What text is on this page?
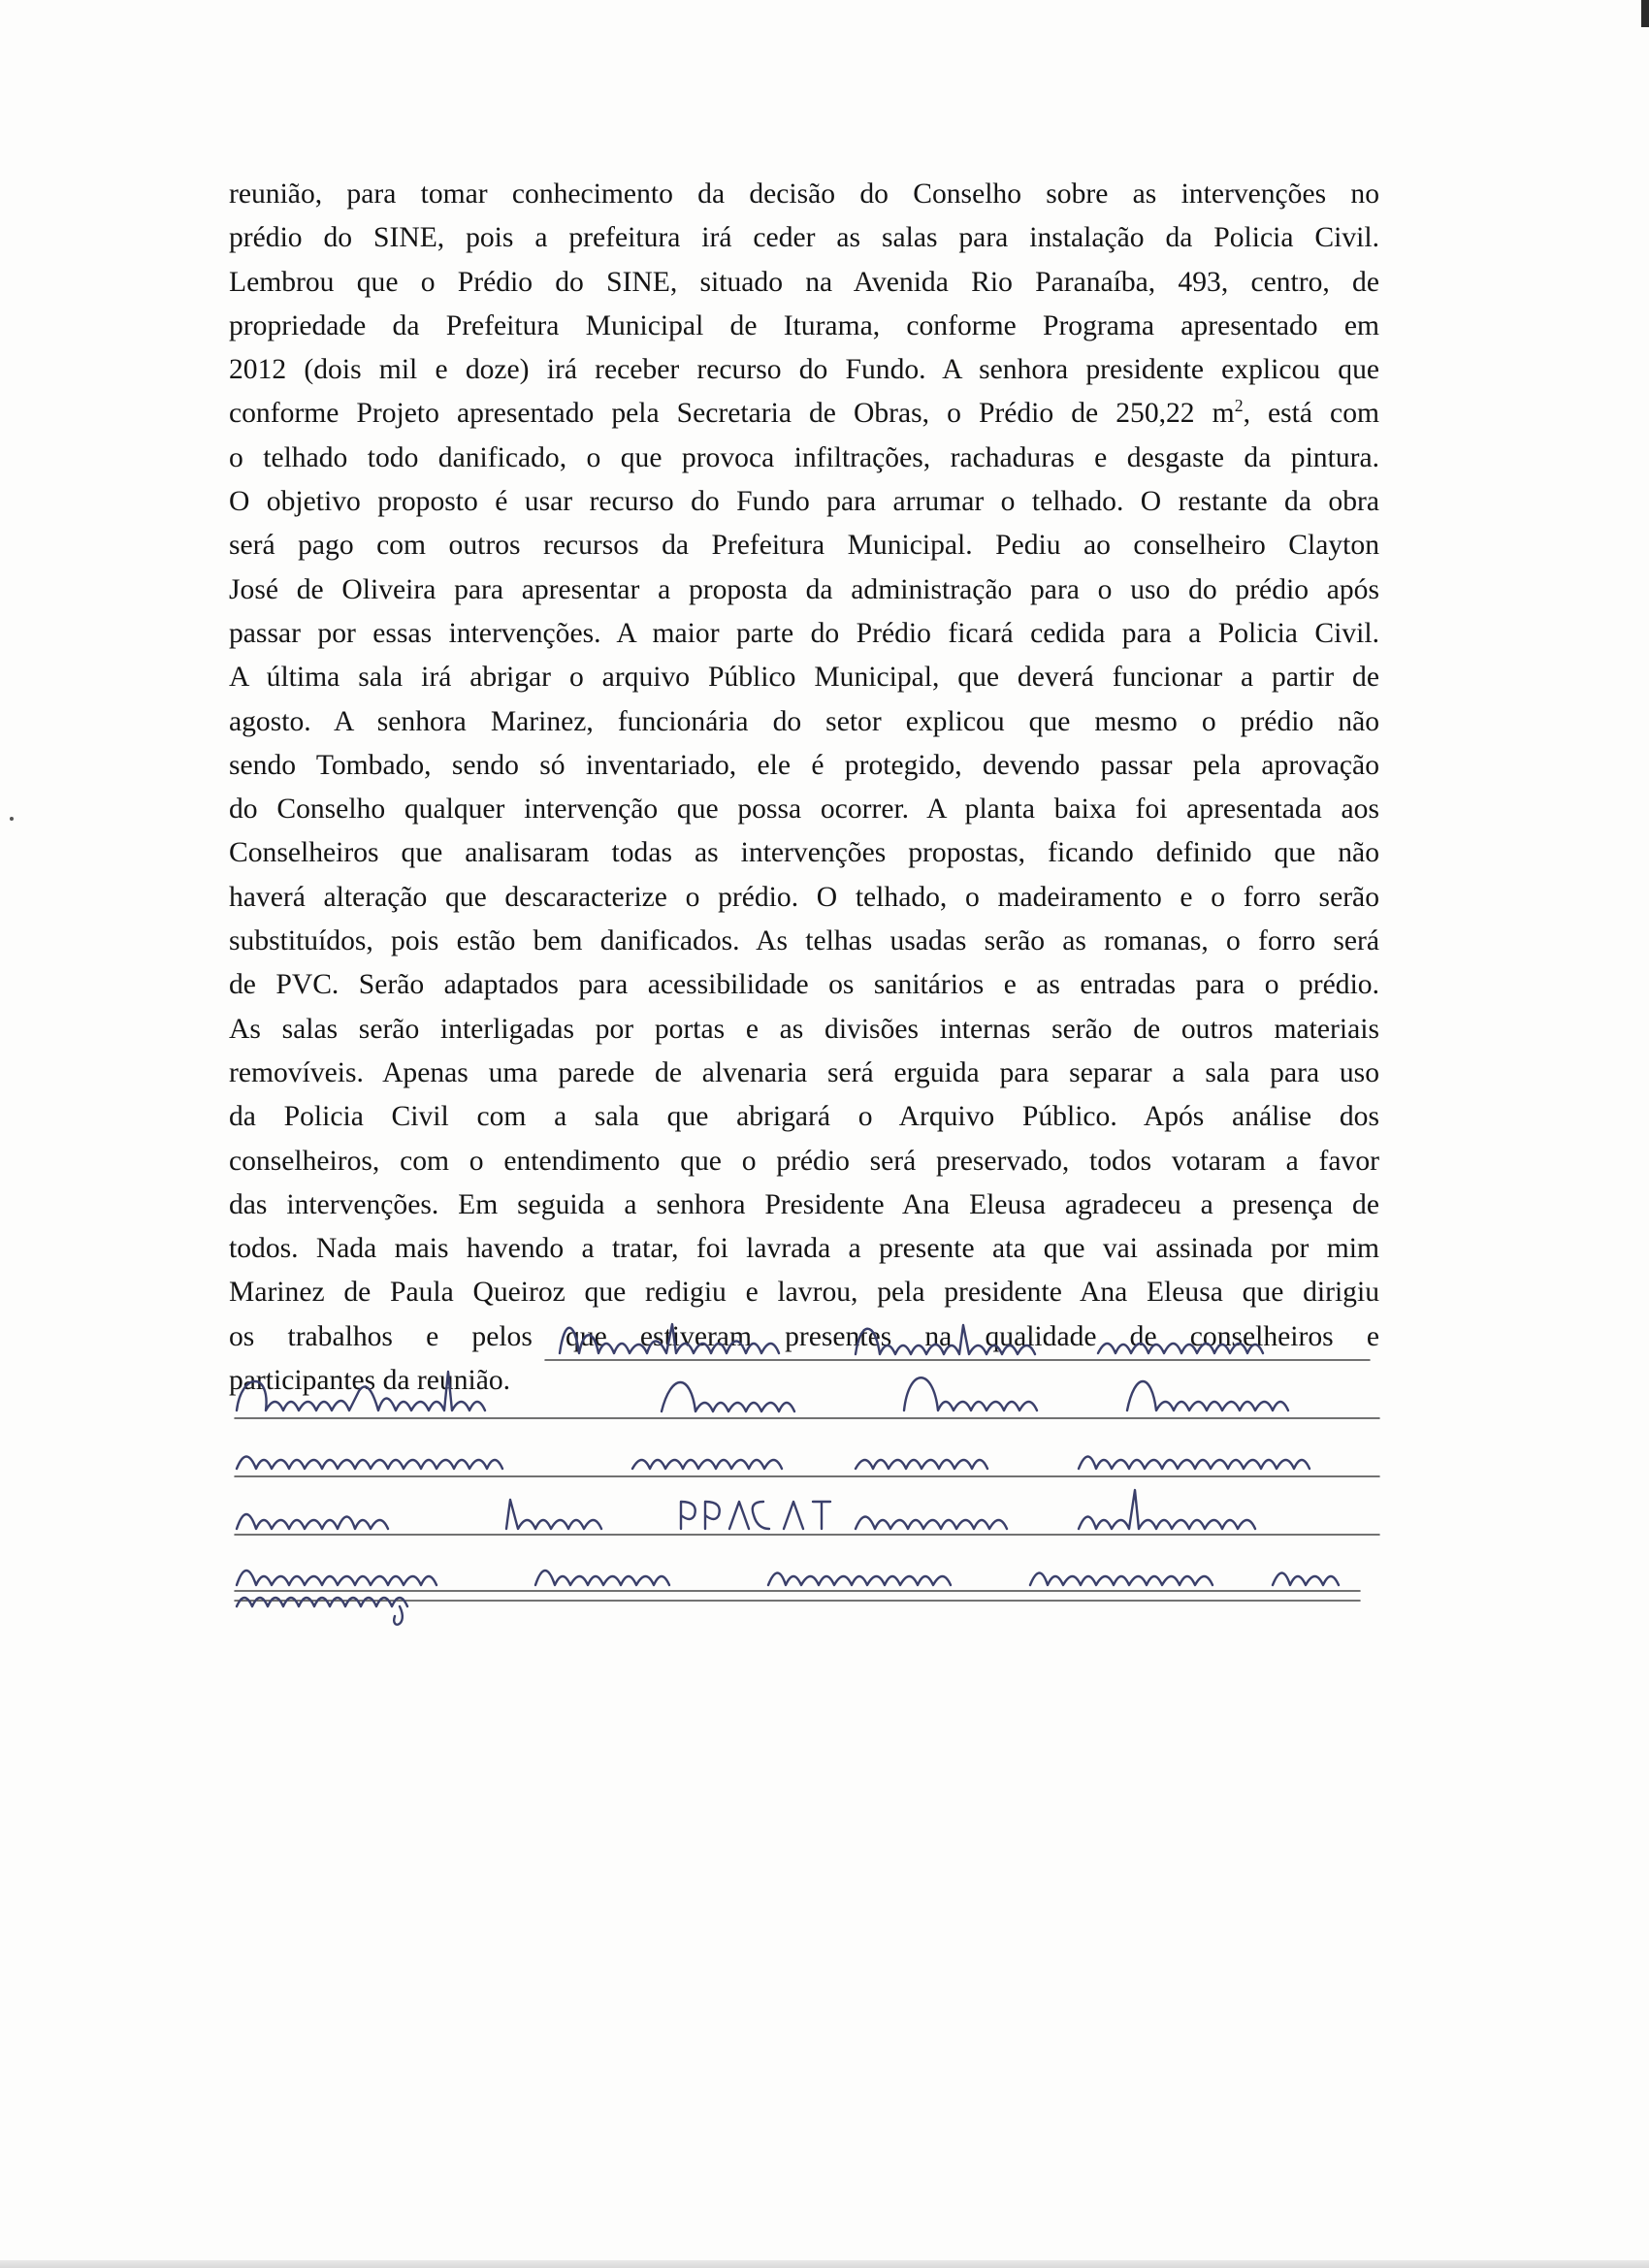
reunião, para tomar conhecimento da decisão do Conselho sobre as intervenções no
prédio do SINE, pois a prefeitura irá ceder as salas para instalação da Policia Civil.
Lembrou que o Prédio do SINE, situado na Avenida Rio Paranaíba, 493, centro, de
propriedade da Prefeitura Municipal de Iturama, conforme Programa apresentado em
2012 (dois mil e doze) irá receber recurso do Fundo. A senhora presidente explicou que
conforme Projeto apresentado pela Secretaria de Obras, o Prédio de 250,22 $m^2$, está com
o telhado todo danificado, o que provoca infiltrações, rachaduras e desgaste da pintura.
O objetivo proposto é usar recurso do Fundo para arrumar o telhado. O restante da obra
será pago com outros recursos da Prefeitura Municipal. Pediu ao conselheiro Clayton
José de Oliveira para apresentar a proposta da administração para o uso do prédio após
passar por essas intervenções. A maior parte do Prédio ficará cedida para a Policia Civil.
A última sala irá abrigar o arquivo Público Municipal, que deverá funcionar a partir de
agosto. A senhora Marinez, funcionária do setor explicou que mesmo o prédio não
sendo Tombado, sendo só inventariado, ele é protegido, devendo passar pela aprovação
do Conselho qualquer intervenção que possa ocorrer. A planta baixa foi apresentada aos
Conselheiros que analisaram todas as intervenções propostas, ficando definido que não
haverá alteração que descaracterize o prédio. O telhado, o madeiramento e o forro serão
substituídos, pois estão bem danificados. As telhas usadas serão as romanas, o forro será
de PVC. Serão adaptados para acessibilidade os sanitários e as entradas para o prédio.
As salas serão interligadas por portas e as divisões internas serão de outros materiais
removíveis. Apenas uma parede de alvenaria será erguida para separar a sala para uso
da Policia Civil com a sala que abrigará o Arquivo Público. Após análise dos
conselheiros, com o entendimento que o prédio será preservado, todos votaram a favor
das intervenções. Em seguida a senhora Presidente Ana Eleusa agradeceu a presença de
todos. Nada mais havendo a tratar, foi lavrada a presente ata que vai assinada por mim
Marinez de Paula Queiroz que redigiu e lavrou, pela presidente Ana Eleusa que dirigiu
os trabalhos e pelos que estiveram presentes na qualidade de conselheiros e
participantes da reunião.
